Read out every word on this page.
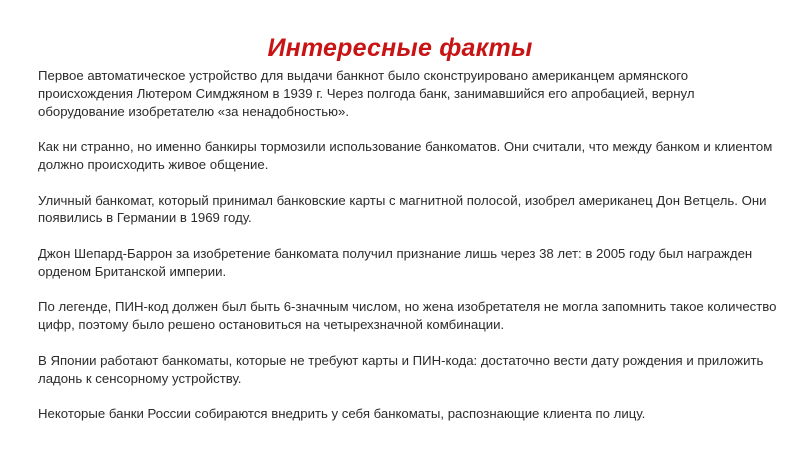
Интересные факты

Первое автоматическое устройство для выдачи банкнот было сконструировано американцем армянского происхождения Лютером Симджяном в 1939 г. Через полгода банк, занимавшийся его апробацией, вернул оборудование изобретателю «за ненадобностью».

Как ни странно, но именно банкиры тормозили использование банкоматов. Они считали, что между банком и клиентом должно происходить живое общение.

Уличный банкомат, который принимал банковские карты с магнитной полосой, изобрел американец Дон Ветцель. Они появились в Германии в 1969 году.

Джон Шепард-Баррон за изобретение банкомата получил признание лишь через 38 лет: в 2005 году был награжден орденом Британской империи.

По легенде, ПИН-код должен был быть 6-значным числом, но жена изобретателя не могла запомнить такое количество цифр, поэтому было решено остановиться на четырехзначной комбинации.

В Японии работают банкоматы, которые не требуют карты и ПИН-кода: достаточно вести дату рождения и приложить ладонь к сенсорному устройству.

Некоторые банки России собираются внедрить у себя банкоматы, распознающие клиента по лицу.
